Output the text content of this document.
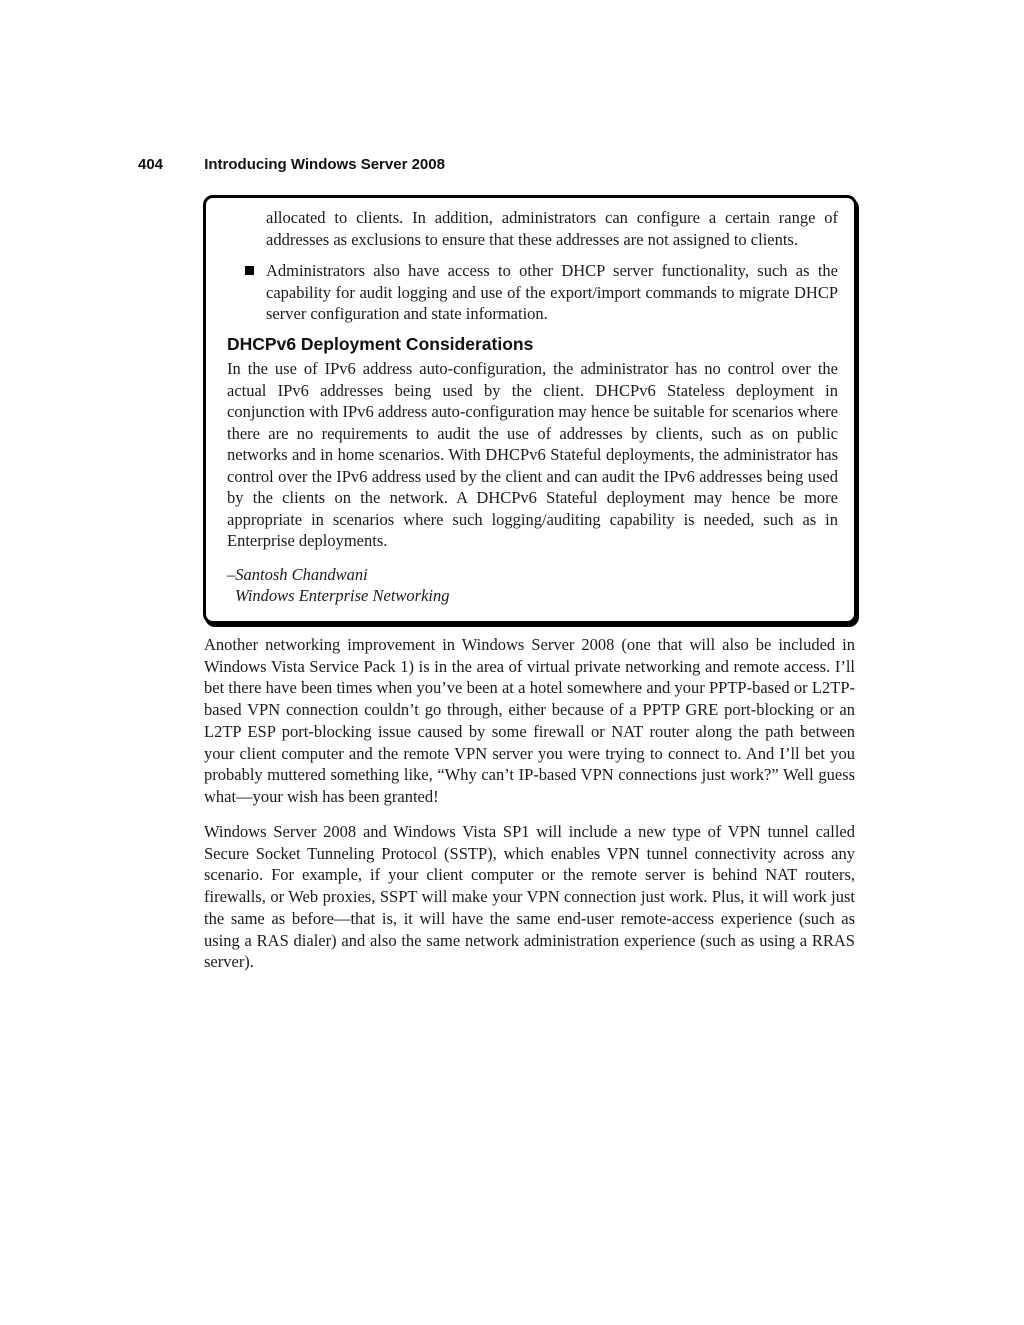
404	Introducing Windows Server 2008

allocated to clients. In addition, administrators can configure a certain range of addresses as exclusions to ensure that these addresses are not assigned to clients.

Administrators also have access to other DHCP server functionality, such as the capability for audit logging and use of the export/import commands to migrate DHCP server configuration and state information.

DHCPv6 Deployment Considerations

In the use of IPv6 address auto-configuration, the administrator has no control over the actual IPv6 addresses being used by the client. DHCPv6 Stateless deployment in conjunction with IPv6 address auto-configuration may hence be suitable for scenarios where there are no requirements to audit the use of addresses by clients, such as on public networks and in home scenarios. With DHCPv6 Stateful deployments, the administrator has control over the IPv6 address used by the client and can audit the IPv6 addresses being used by the clients on the network. A DHCPv6 Stateful deployment may hence be more appropriate in scenarios where such logging/auditing capability is needed, such as in Enterprise deployments.

–Santosh Chandwani

Windows Enterprise Networking

Another networking improvement in Windows Server 2008 (one that will also be included in Windows Vista Service Pack 1) is in the area of virtual private networking and remote access. I’ll bet there have been times when you’ve been at a hotel somewhere and your PPTP-based or L2TP-based VPN connection couldn’t go through, either because of a PPTP GRE port-blocking or an L2TP ESP port-blocking issue caused by some firewall or NAT router along the path between your client computer and the remote VPN server you were trying to connect to. And I’ll bet you probably muttered something like, “Why can’t IP-based VPN connections just work?” Well guess what—your wish has been granted!

Windows Server 2008 and Windows Vista SP1 will include a new type of VPN tunnel called Secure Socket Tunneling Protocol (SSTP), which enables VPN tunnel connectivity across any scenario. For example, if your client computer or the remote server is behind NAT routers, firewalls, or Web proxies, SSPT will make your VPN connection just work. Plus, it will work just the same as before—that is, it will have the same end-user remote-access experience (such as using a RAS dialer) and also the same network administration experience (such as using a RRAS server).
